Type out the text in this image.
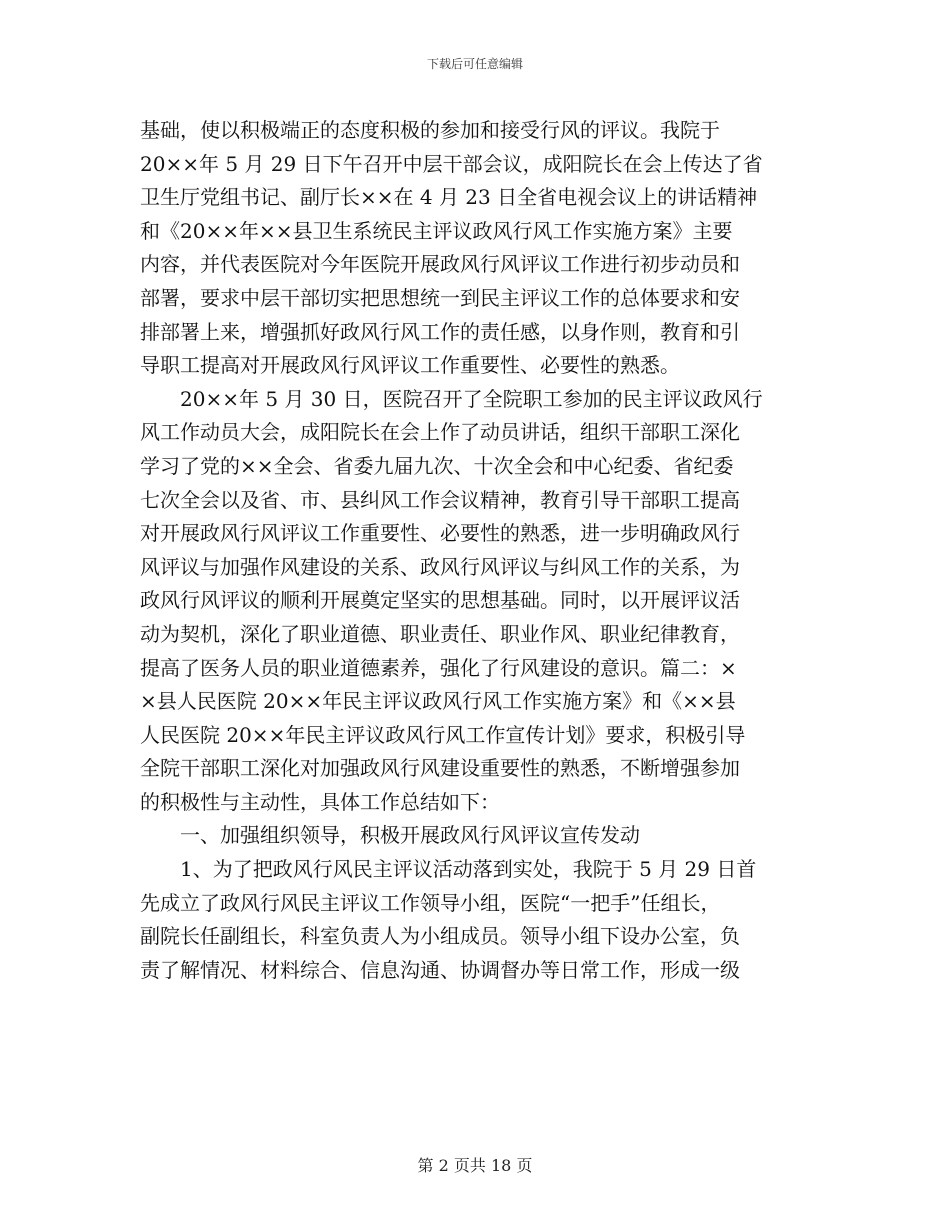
下载后可任意编辑
基础，使以积极端正的态度积极的参加和接受行风的评议。我院于
20××年 5 月 29 日下午召开中层干部会议，成阳院长在会上传达了省
卫生厅党组书记、副厅长××在 4 月 23 日全省电视会议上的讲话精神
和《20××年××县卫生系统民主评议政风行风工作实施方案》主要
内容，并代表医院对今年医院开展政风行风评议工作进行初步动员和
部署，要求中层干部切实把思想统一到民主评议工作的总体要求和安
排部署上来，增强抓好政风行风工作的责任感，以身作则，教育和引
导职工提高对开展政风行风评议工作重要性、必要性的熟悉。
20××年 5 月 30 日，医院召开了全院职工参加的民主评议政风行
风工作动员大会，成阳院长在会上作了动员讲话，组织干部职工深化
学习了党的××全会、省委九届九次、十次全会和中心纪委、省纪委
七次全会以及省、市、县纠风工作会议精神，教育引导干部职工提高
对开展政风行风评议工作重要性、必要性的熟悉，进一步明确政风行
风评议与加强作风建设的关系、政风行风评议与纠风工作的关系，为
政风行风评议的顺利开展奠定坚实的思想基础。同时，以开展评议活
动为契机，深化了职业道德、职业责任、职业作风、职业纪律教育，
提高了医务人员的职业道德素养，强化了行风建设的意识。篇二：×
×县人民医院 20××年民主评议政风行风工作实施方案》和《××县
人民医院 20××年民主评议政风行风工作宣传计划》要求，积极引导
全院干部职工深化对加强政风行风建设重要性的熟悉，不断增强参加
的积极性与主动性，具体工作总结如下：
一、加强组织领导，积极开展政风行风评议宣传发动
1、为了把政风行风民主评议活动落到实处，我院于 5 月 29 日首
先成立了政风行风民主评议工作领导小组，医院“一把手”任组长，
副院长任副组长，科室负责人为小组成员。领导小组下设办公室，负
责了解情况、材料综合、信息沟通、协调督办等日常工作，形成一级
第 2 页共 18 页
